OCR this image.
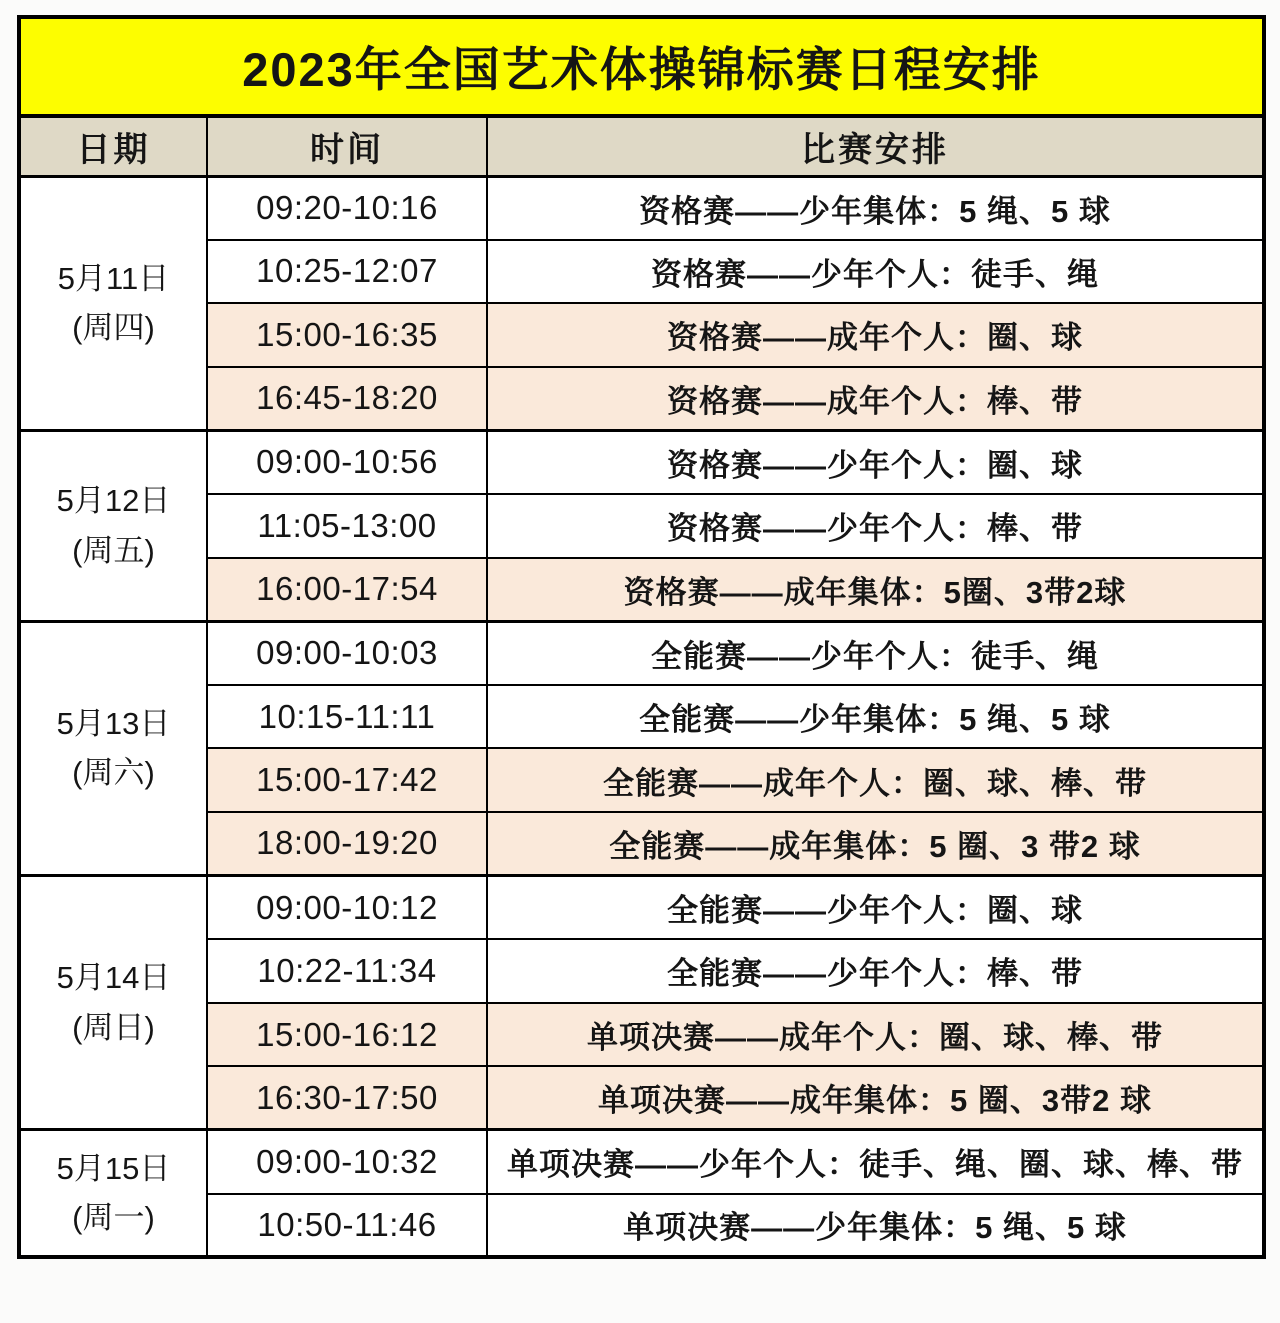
2023年全国艺术体操锦标赛日程安排		
日期	时间	比赛安排

5月11日
(周四)	09:20-10:16	资格赛——少年集体：5 绳、5 球
	10:25-12:07	资格赛——少年个人：徒手、绳
	15:00-16:35	资格赛——成年个人：圈、球
	16:45-18:20	资格赛——成年个人：棒、带

5月12日
(周五)	09:00-10:56	资格赛——少年个人：圈、球
	11:05-13:00	资格赛——少年个人：棒、带
	16:00-17:54	资格赛——成年集体：5圈、3带2球

5月13日
(周六)	09:00-10:03	全能赛——少年个人：徒手、绳
	10:15-11:11	全能赛——少年集体：5 绳、5 球
	15:00-17:42	全能赛——成年个人：圈、球、棒、带
	18:00-19:20	全能赛——成年集体：5 圈、3 带2 球

5月14日
(周日)	09:00-10:12	全能赛——少年个人：圈、球
	10:22-11:34	全能赛——少年个人：棒、带
	15:00-16:12	单项决赛——成年个人：圈、球、棒、带
	16:30-17:50	单项决赛——成年集体：5 圈、3带2 球

5月15日
(周一)	09:00-10:32	单项决赛——少年个人：徒手、绳、圈、球、棒、带
	10:50-11:46	单项决赛——少年集体：5 绳、5 球
